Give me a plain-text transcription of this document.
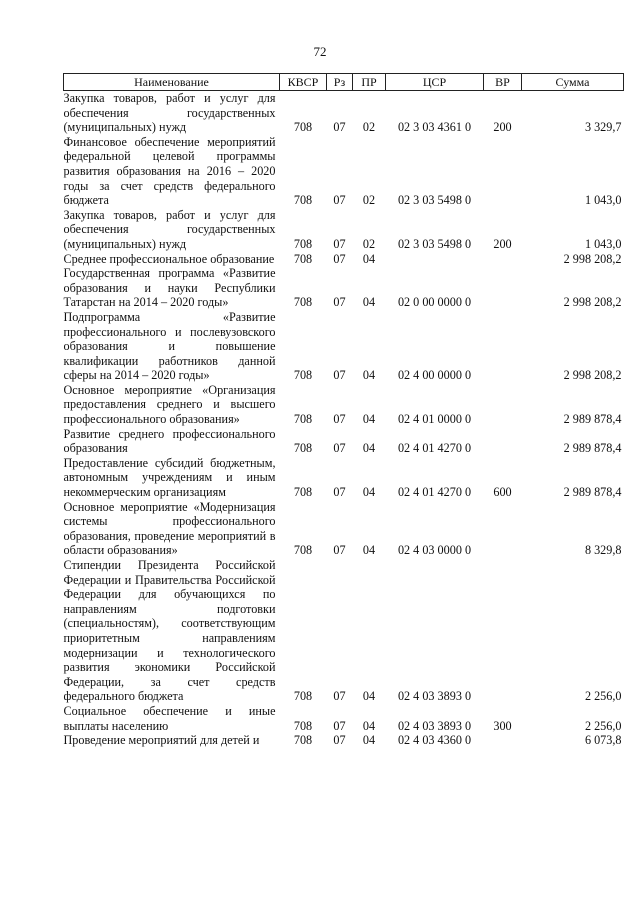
72
Наименование	КВСР	Рз	ПР	ЦСР	ВР	Сумма
Закупка товаров, работ и услуг для обеспечения государственных (муниципальных) нужд	708	07	02	02 3 03 4361 0	200	3 329,7
Финансовое обеспечение мероприятий федеральной целевой программы развития образования на 2016 – 2020 годы за счет средств федерального бюджета	708	07	02	02 3 03 5498 0		1 043,0
Закупка товаров, работ и услуг для обеспечения государственных (муниципальных) нужд	708	07	02	02 3 03 5498 0	200	1 043,0
Среднее профессиональное образование	708	07	04			2 998 208,2
Государственная программа «Развитие образования и науки Республики Татарстан на 2014 – 2020 годы»	708	07	04	02 0 00 0000 0		2 998 208,2
Подпрограмма «Развитие профессионального и послевузовского образования и повышение квалификации работников данной сферы на 2014 – 2020 годы»	708	07	04	02 4 00 0000 0		2 998 208,2
Основное мероприятие «Организация предоставления среднего и высшего профессионального образования»	708	07	04	02 4 01 0000 0		2 989 878,4
Развитие среднего профессионального образования	708	07	04	02 4 01 4270 0		2 989 878,4
Предоставление субсидий бюджетным, автономным учреждениям и иным некоммерческим организациям	708	07	04	02 4 01 4270 0	600	2 989 878,4
Основное мероприятие «Модернизация системы профессионального образования, проведение мероприятий в области образования»	708	07	04	02 4 03 0000 0		8 329,8
Стипендии Президента Российской Федерации и Правительства Российской Федерации для обучающихся по направлениям подготовки (специальностям), соответствующим приоритетным направлениям модернизации и технологического развития экономики Российской Федерации, за счет средств федерального бюджета	708	07	04	02 4 03 3893 0		2 256,0
Социальное обеспечение и иные выплаты населению	708	07	04	02 4 03 3893 0	300	2 256,0
Проведение мероприятий для детей и	708	07	04	02 4 03 4360 0		6 073,8
